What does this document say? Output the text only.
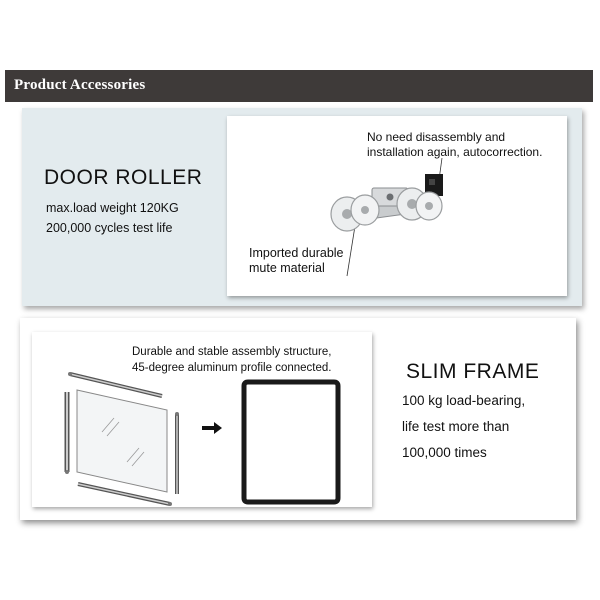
Product Accessories
DOOR ROLLER
max.load weight 120KG
200,000 cycles test life
No need disassembly and
installation again, autocorrection.
Imported durable
mute material
Durable and stable assembly structure,
45-degree aluminum profile connected.	SLIM FRAME
100 kg load-bearing,
life test more than
100,000 times
